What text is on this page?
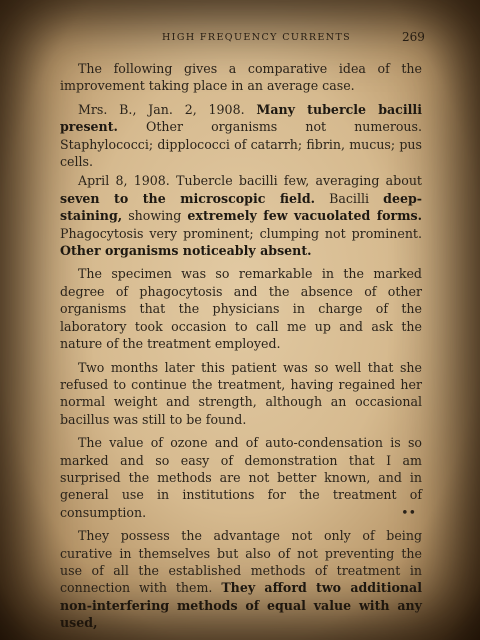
HIGH FREQUENCY CURRENTS	269

The following gives a comparative idea of the improvement taking place in an average case.

Mrs. B., Jan. 2, 1908. Many tubercle bacilli present. Other organisms not numerous. Staphylococci; dipplococci of catarrh; fibrin, mucus; pus cells.

April 8, 1908. Tubercle bacilli few, averaging about seven to the microscopic field. Bacilli deep-staining, showing extremely few vacuolated forms. Phagocytosis very prominent; clumping not prominent. Other organisms noticeably absent.

The specimen was so remarkable in the marked degree of phagocytosis and the absence of other organisms that the physicians in charge of the laboratory took occasion to call me up and ask the nature of the treatment employed.

Two months later this patient was so well that she refused to continue the treatment, having regained her normal weight and strength, although an occasional bacillus was still to be found.

The value of ozone and of auto-condensation is so marked and so easy of demonstration that I am surprised the methods are not better known, and in general use in institutions for the treatment of consumption.	••

They possess the advantage not only of being curative in themselves but also of not preventing the use of all the established methods of treatment in connection with them. They afford two additional non-interfering methods of equal value with any used,
